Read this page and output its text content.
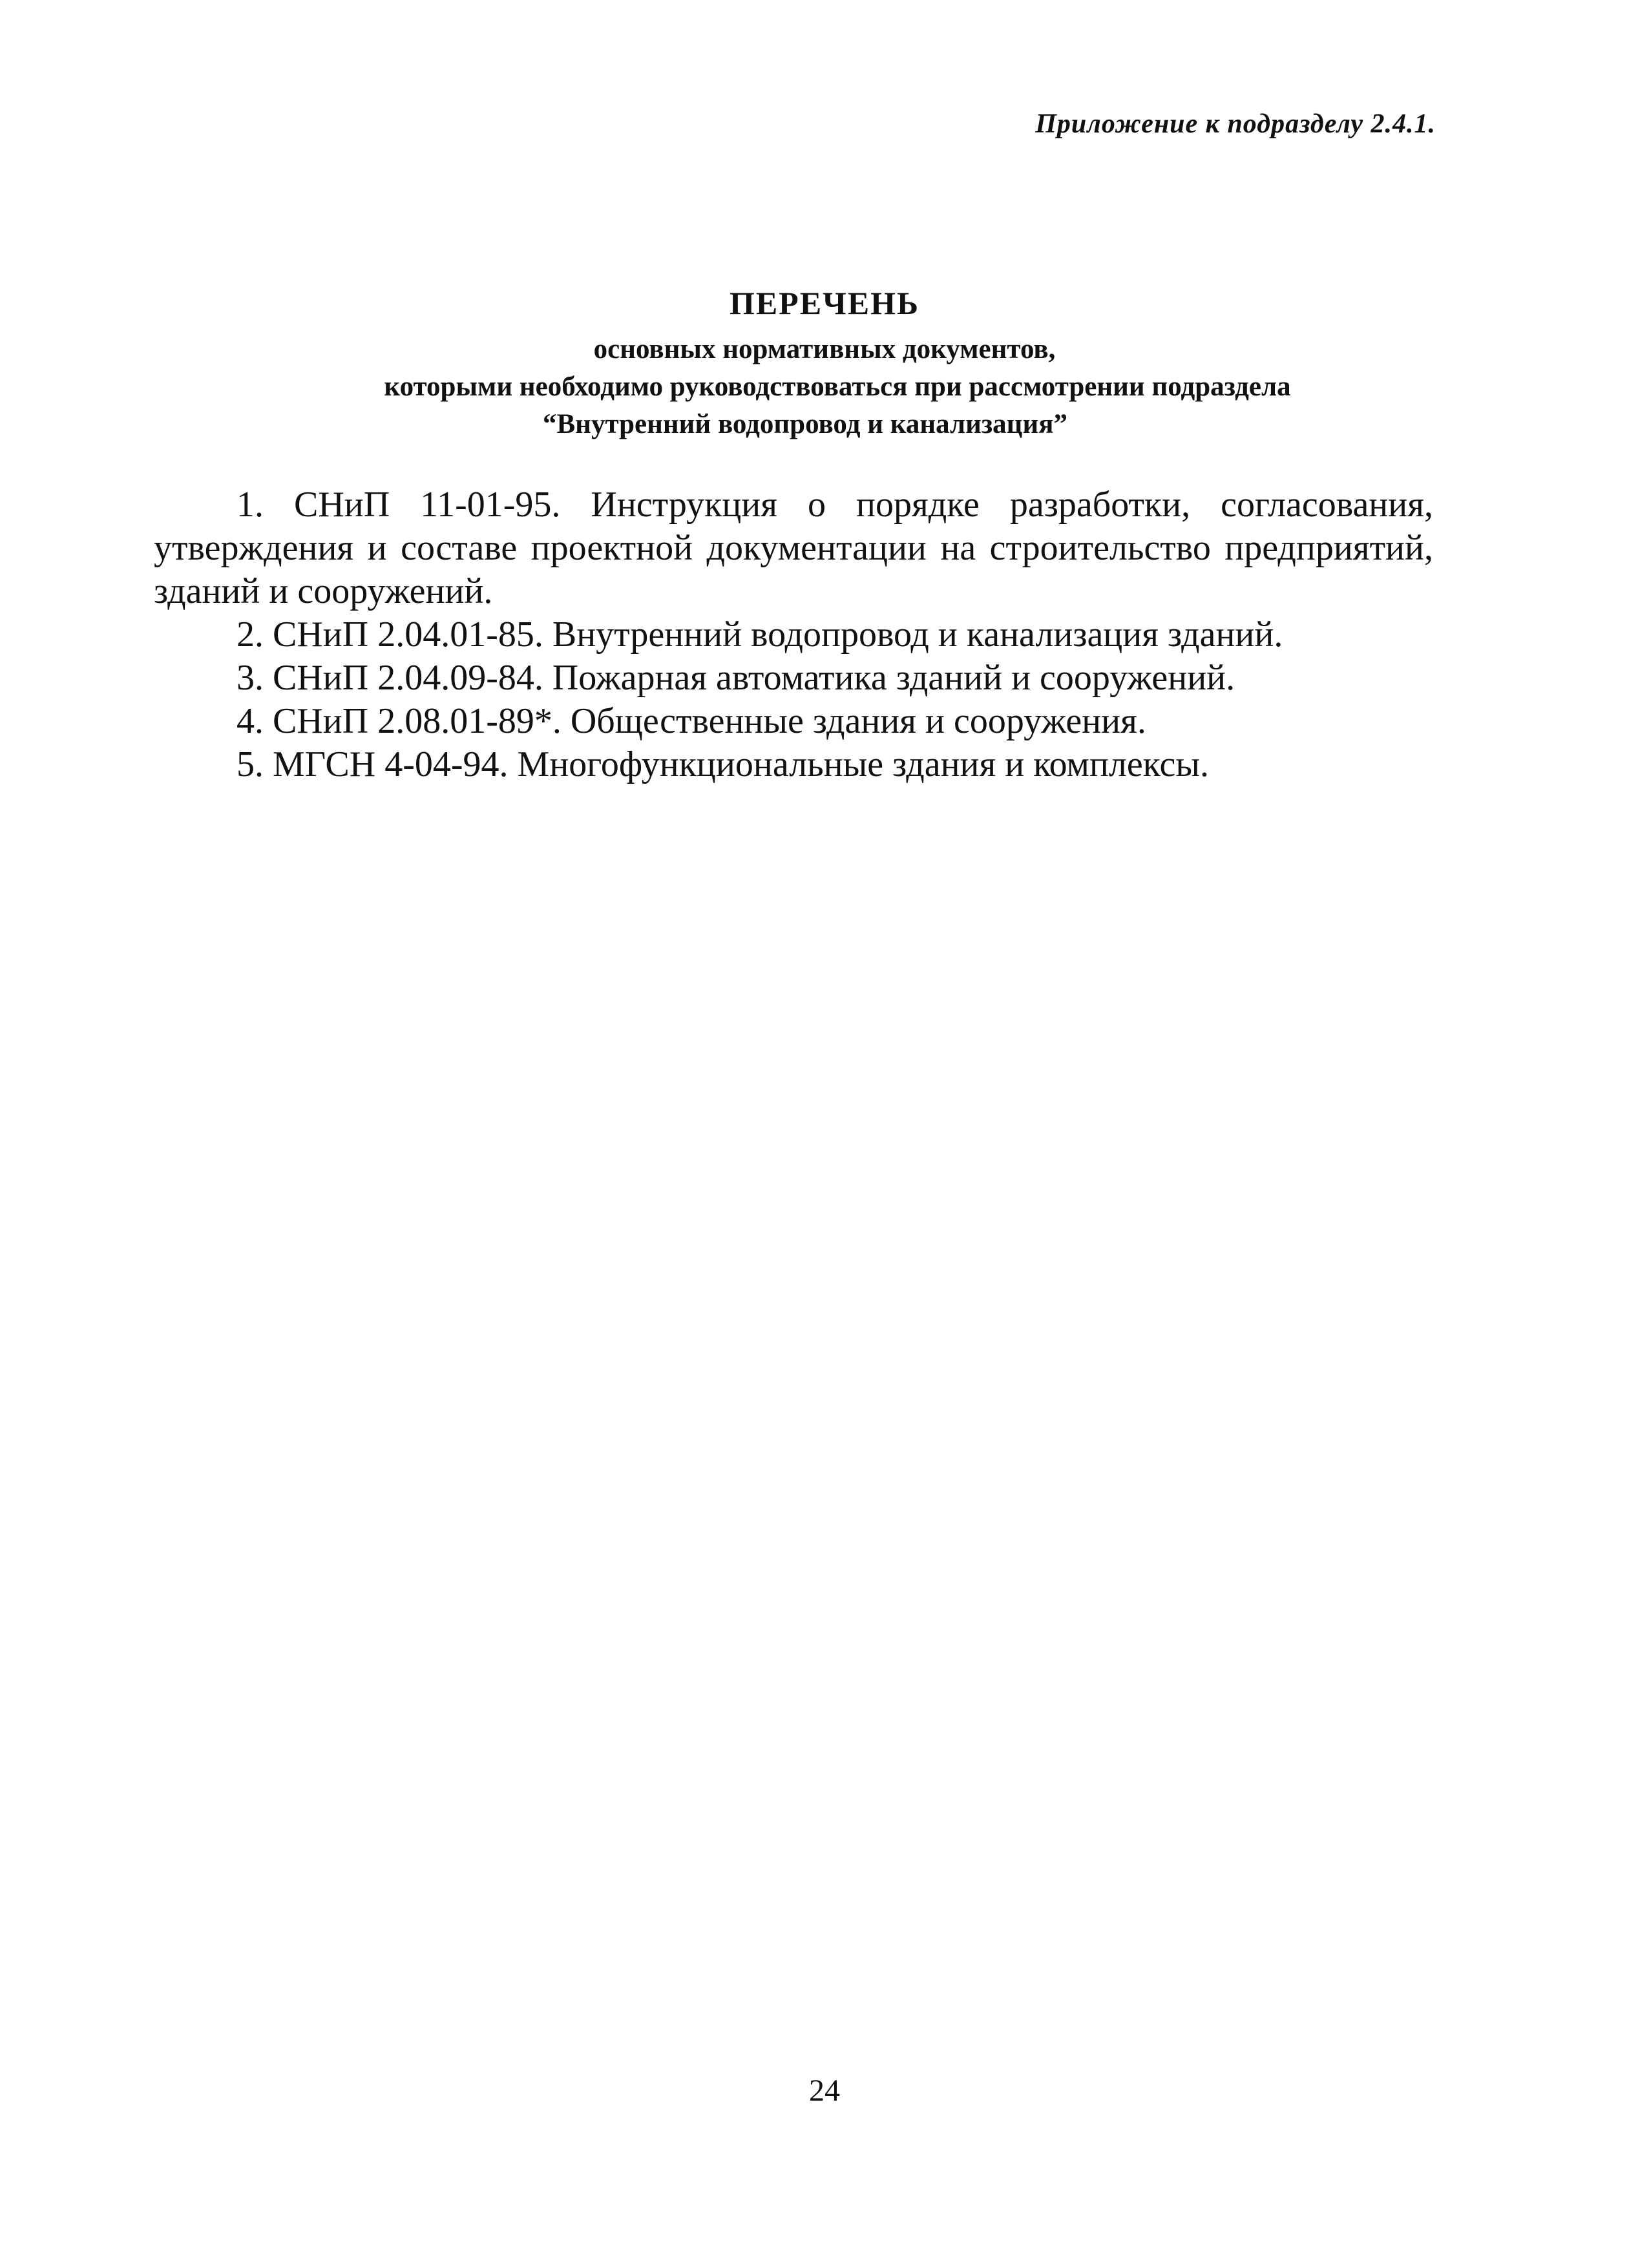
Приложение к подразделу 2.4.1.
ПЕРЕЧЕНЬ
основных нормативных документов,
которыми необходимо руководствоваться при рассмотрении подраздела
“Внутренний водопровод и канализация”

1. СНиП 11-01-95. Инструкция о порядке разработки, согласования, утверждения и составе проектной документации на строительство предприятий, зданий и сооружений.

2. СНиП 2.04.01-85. Внутренний водопровод и канализация зданий.

3. СНиП 2.04.09-84. Пожарная автоматика зданий и сооружений.

4. СНиП 2.08.01-89*. Общественные здания и сооружения.

5. МГСН 4-04-94. Многофункциональные здания и комплексы.

24
